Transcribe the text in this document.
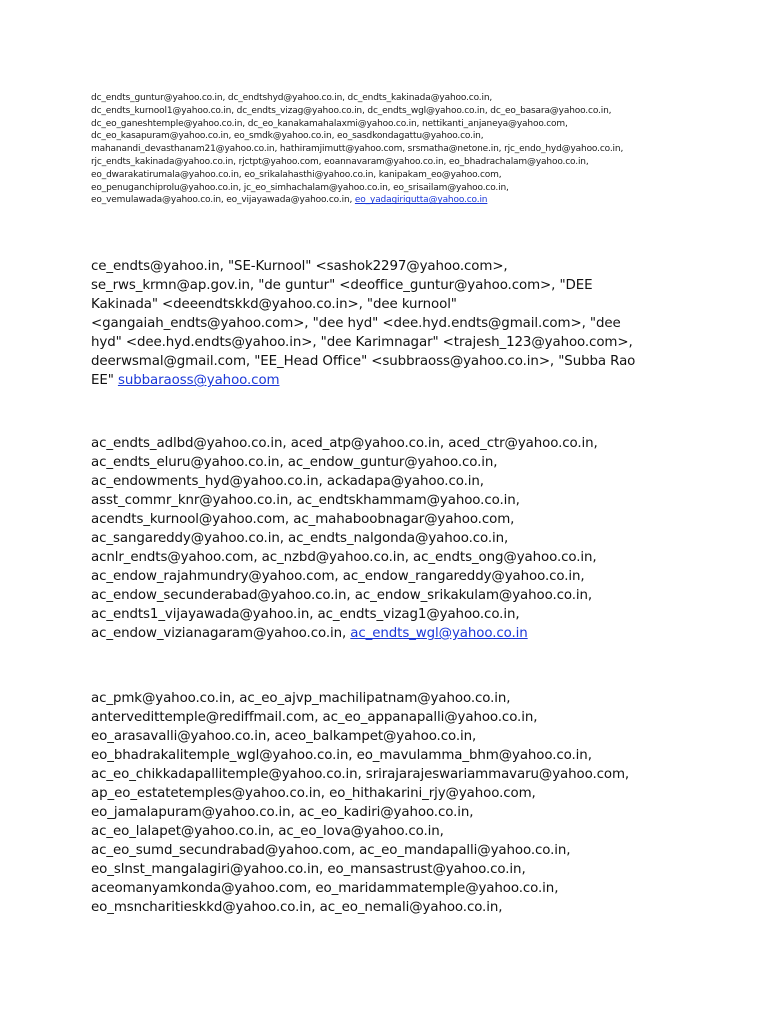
dc_endts_guntur@yahoo.co.in, dc_endtshyd@yahoo.co.in, dc_endts_kakinada@yahoo.co.in,
dc_endts_kurnool1@yahoo.co.in, dc_endts_vizag@yahoo.co.in, dc_endts_wgl@yahoo.co.in, dc_eo_basara@yahoo.co.in,
dc_eo_ganeshtemple@yahoo.co.in, dc_eo_kanakamahalaxmi@yahoo.co.in, nettikanti_anjaneya@yahoo.com,
dc_eo_kasapuram@yahoo.co.in, eo_smdk@yahoo.co.in, eo_sasdkondagattu@yahoo.co.in,
mahanandi_devasthanam21@yahoo.co.in, hathiramjimutt@yahoo.com, srsmatha@netone.in, rjc_endo_hyd@yahoo.co.in,
rjc_endts_kakinada@yahoo.co.in, rjctpt@yahoo.com, eoannavaram@yahoo.co.in, eo_bhadrachalam@yahoo.co.in,
eo_dwarakatirumala@yahoo.co.in, eo_srikalahasthi@yahoo.co.in, kanipakam_eo@yahoo.com,
eo_penuganchiprolu@yahoo.co.in, jc_eo_simhachalam@yahoo.co.in, eo_srisailam@yahoo.co.in,
eo_vemulawada@yahoo.co.in, eo_vijayawada@yahoo.co.in, eo_yadagirigutta@yahoo.co.in
ce_endts@yahoo.in, "SE-Kurnool" <sashok2297@yahoo.com>,
se_rws_krmn@ap.gov.in, "de guntur" <deoffice_guntur@yahoo.com>, "DEE
Kakinada" <deeendtskkd@yahoo.co.in>, "dee kurnool"
<gangaiah_endts@yahoo.com>, "dee hyd" <dee.hyd.endts@gmail.com>, "dee
hyd" <dee.hyd.endts@yahoo.in>, "dee Karimnagar" <trajesh_123@yahoo.com>,
deerwsmal@gmail.com, "EE_Head Office" <subbraoss@yahoo.co.in>, "Subba Rao
EE" subbaraoss@yahoo.com
ac_endts_adlbd@yahoo.co.in, aced_atp@yahoo.co.in, aced_ctr@yahoo.co.in,
ac_endts_eluru@yahoo.co.in, ac_endow_guntur@yahoo.co.in,
ac_endowments_hyd@yahoo.co.in, ackadapa@yahoo.co.in,
asst_commr_knr@yahoo.co.in, ac_endtskhammam@yahoo.co.in,
acendts_kurnool@yahoo.com, ac_mahaboobnagar@yahoo.com,
ac_sangareddy@yahoo.co.in, ac_endts_nalgonda@yahoo.co.in,
acnlr_endts@yahoo.com, ac_nzbd@yahoo.co.in, ac_endts_ong@yahoo.co.in,
ac_endow_rajahmundry@yahoo.com, ac_endow_rangareddy@yahoo.co.in,
ac_endow_secunderabad@yahoo.co.in, ac_endow_srikakulam@yahoo.co.in,
ac_endts1_vijayawada@yahoo.in, ac_endts_vizag1@yahoo.co.in,
ac_endow_vizianagaram@yahoo.co.in, ac_endts_wgl@yahoo.co.in
ac_pmk@yahoo.co.in, ac_eo_ajvp_machilipatnam@yahoo.co.in,
antervedittemple@rediffmail.com, ac_eo_appanapalli@yahoo.co.in,
eo_arasavalli@yahoo.co.in, aceo_balkampet@yahoo.co.in,
eo_bhadrakalitemple_wgl@yahoo.co.in, eo_mavulamma_bhm@yahoo.co.in,
ac_eo_chikkadapallitemple@yahoo.co.in, srirajarajeswariammavaru@yahoo.com,
ap_eo_estatetemples@yahoo.co.in, eo_hithakarini_rjy@yahoo.com,
eo_jamalapuram@yahoo.co.in, ac_eo_kadiri@yahoo.co.in,
ac_eo_lalapet@yahoo.co.in, ac_eo_lova@yahoo.co.in,
ac_eo_sumd_secundrabad@yahoo.com, ac_eo_mandapalli@yahoo.co.in,
eo_slnst_mangalagiri@yahoo.co.in, eo_mansastrust@yahoo.co.in,
aceomanyamkonda@yahoo.com, eo_maridammatemple@yahoo.co.in,
eo_msncharitieskkd@yahoo.co.in, ac_eo_nemali@yahoo.co.in,
